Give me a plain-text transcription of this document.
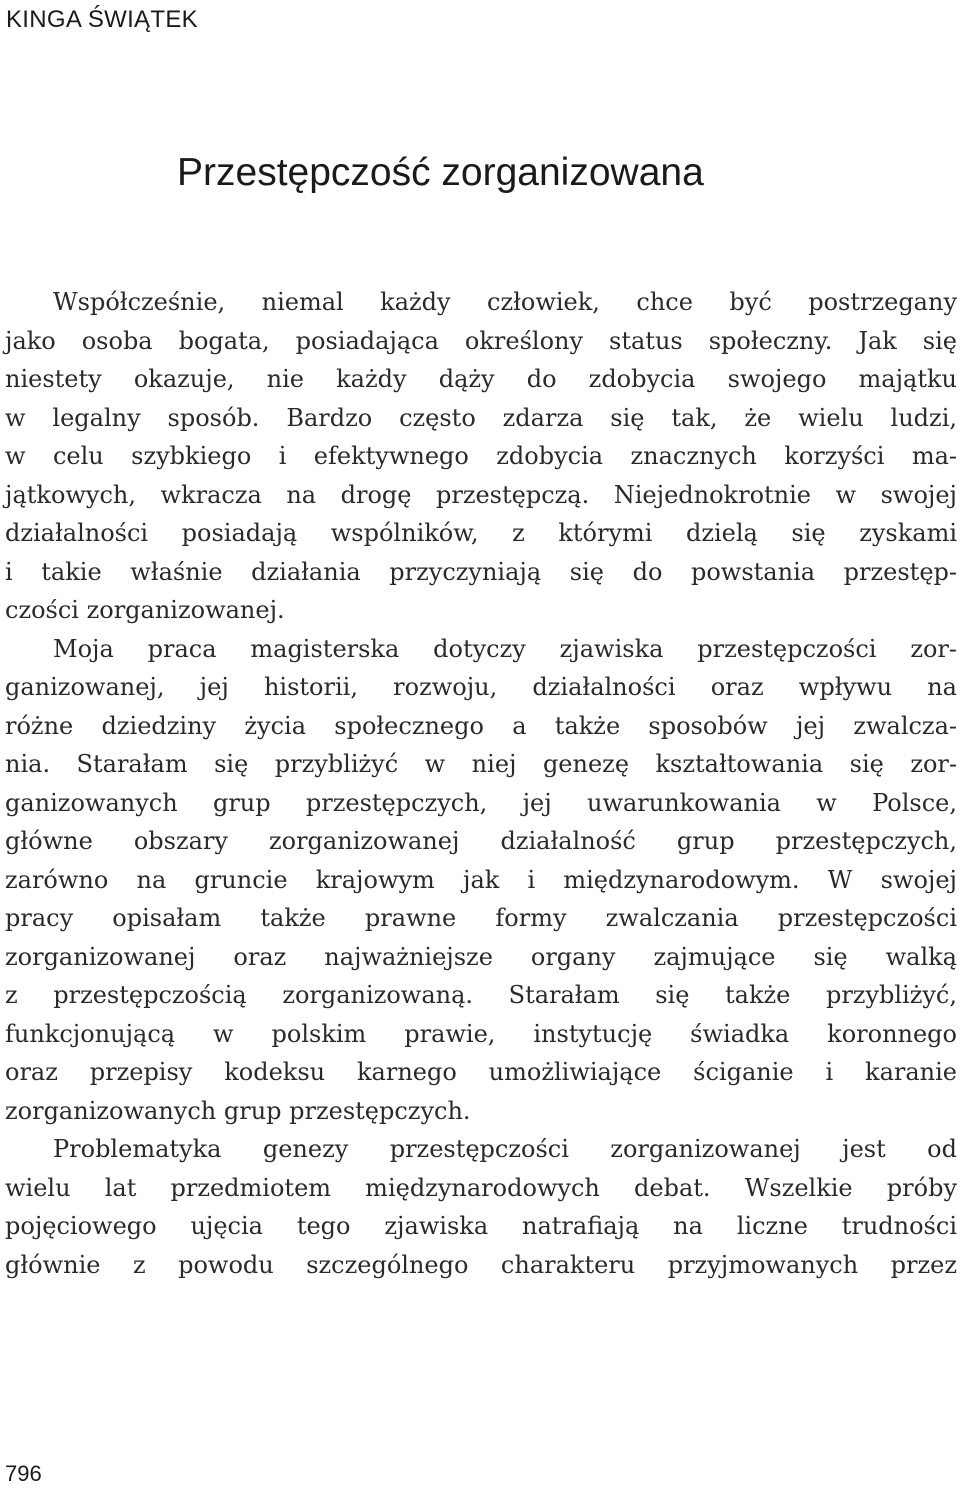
KINGA ŚWIĄTEK
Przestępczość zorganizowana
Współcześnie, niemal każdy człowiek, chce być postrzegany
jako osoba bogata, posiadająca określony status społeczny. Jak się
niestety okazuje, nie każdy dąży do zdobycia swojego majątku
w legalny sposób. Bardzo często zdarza się tak, że wielu ludzi,
w celu szybkiego i efektywnego zdobycia znacznych korzyści ma-
jątkowych, wkracza na drogę przestępczą. Niejednokrotnie w swojej
działalności posiadają wspólników, z którymi dzielą się zyskami
i takie właśnie działania przyczyniają się do powstania przestęp-
czości zorganizowanej.
Moja praca magisterska dotyczy zjawiska przestępczości zor-
ganizowanej, jej historii, rozwoju, działalności oraz wpływu na
różne dziedziny życia społecznego a także sposobów jej zwalcza-
nia. Starałam się przybliżyć w niej genezę kształtowania się zor-
ganizowanych grup przestępczych, jej uwarunkowania w Polsce,
główne obszary zorganizowanej działalność grup przestępczych,
zarówno na gruncie krajowym jak i międzynarodowym. W swojej
pracy opisałam także prawne formy zwalczania przestępczości
zorganizowanej oraz najważniejsze organy zajmujące się walką
z przestępczością zorganizowaną. Starałam się także przybliżyć,
funkcjonującą w polskim prawie, instytucję świadka koronnego
oraz przepisy kodeksu karnego umożliwiające ściganie i karanie
zorganizowanych grup przestępczych.
Problematyka genezy przestępczości zorganizowanej jest od
wielu lat przedmiotem międzynarodowych debat. Wszelkie próby
pojęciowego ujęcia tego zjawiska natrafiają na liczne trudności
głównie z powodu szczególnego charakteru przyjmowanych przez
796
